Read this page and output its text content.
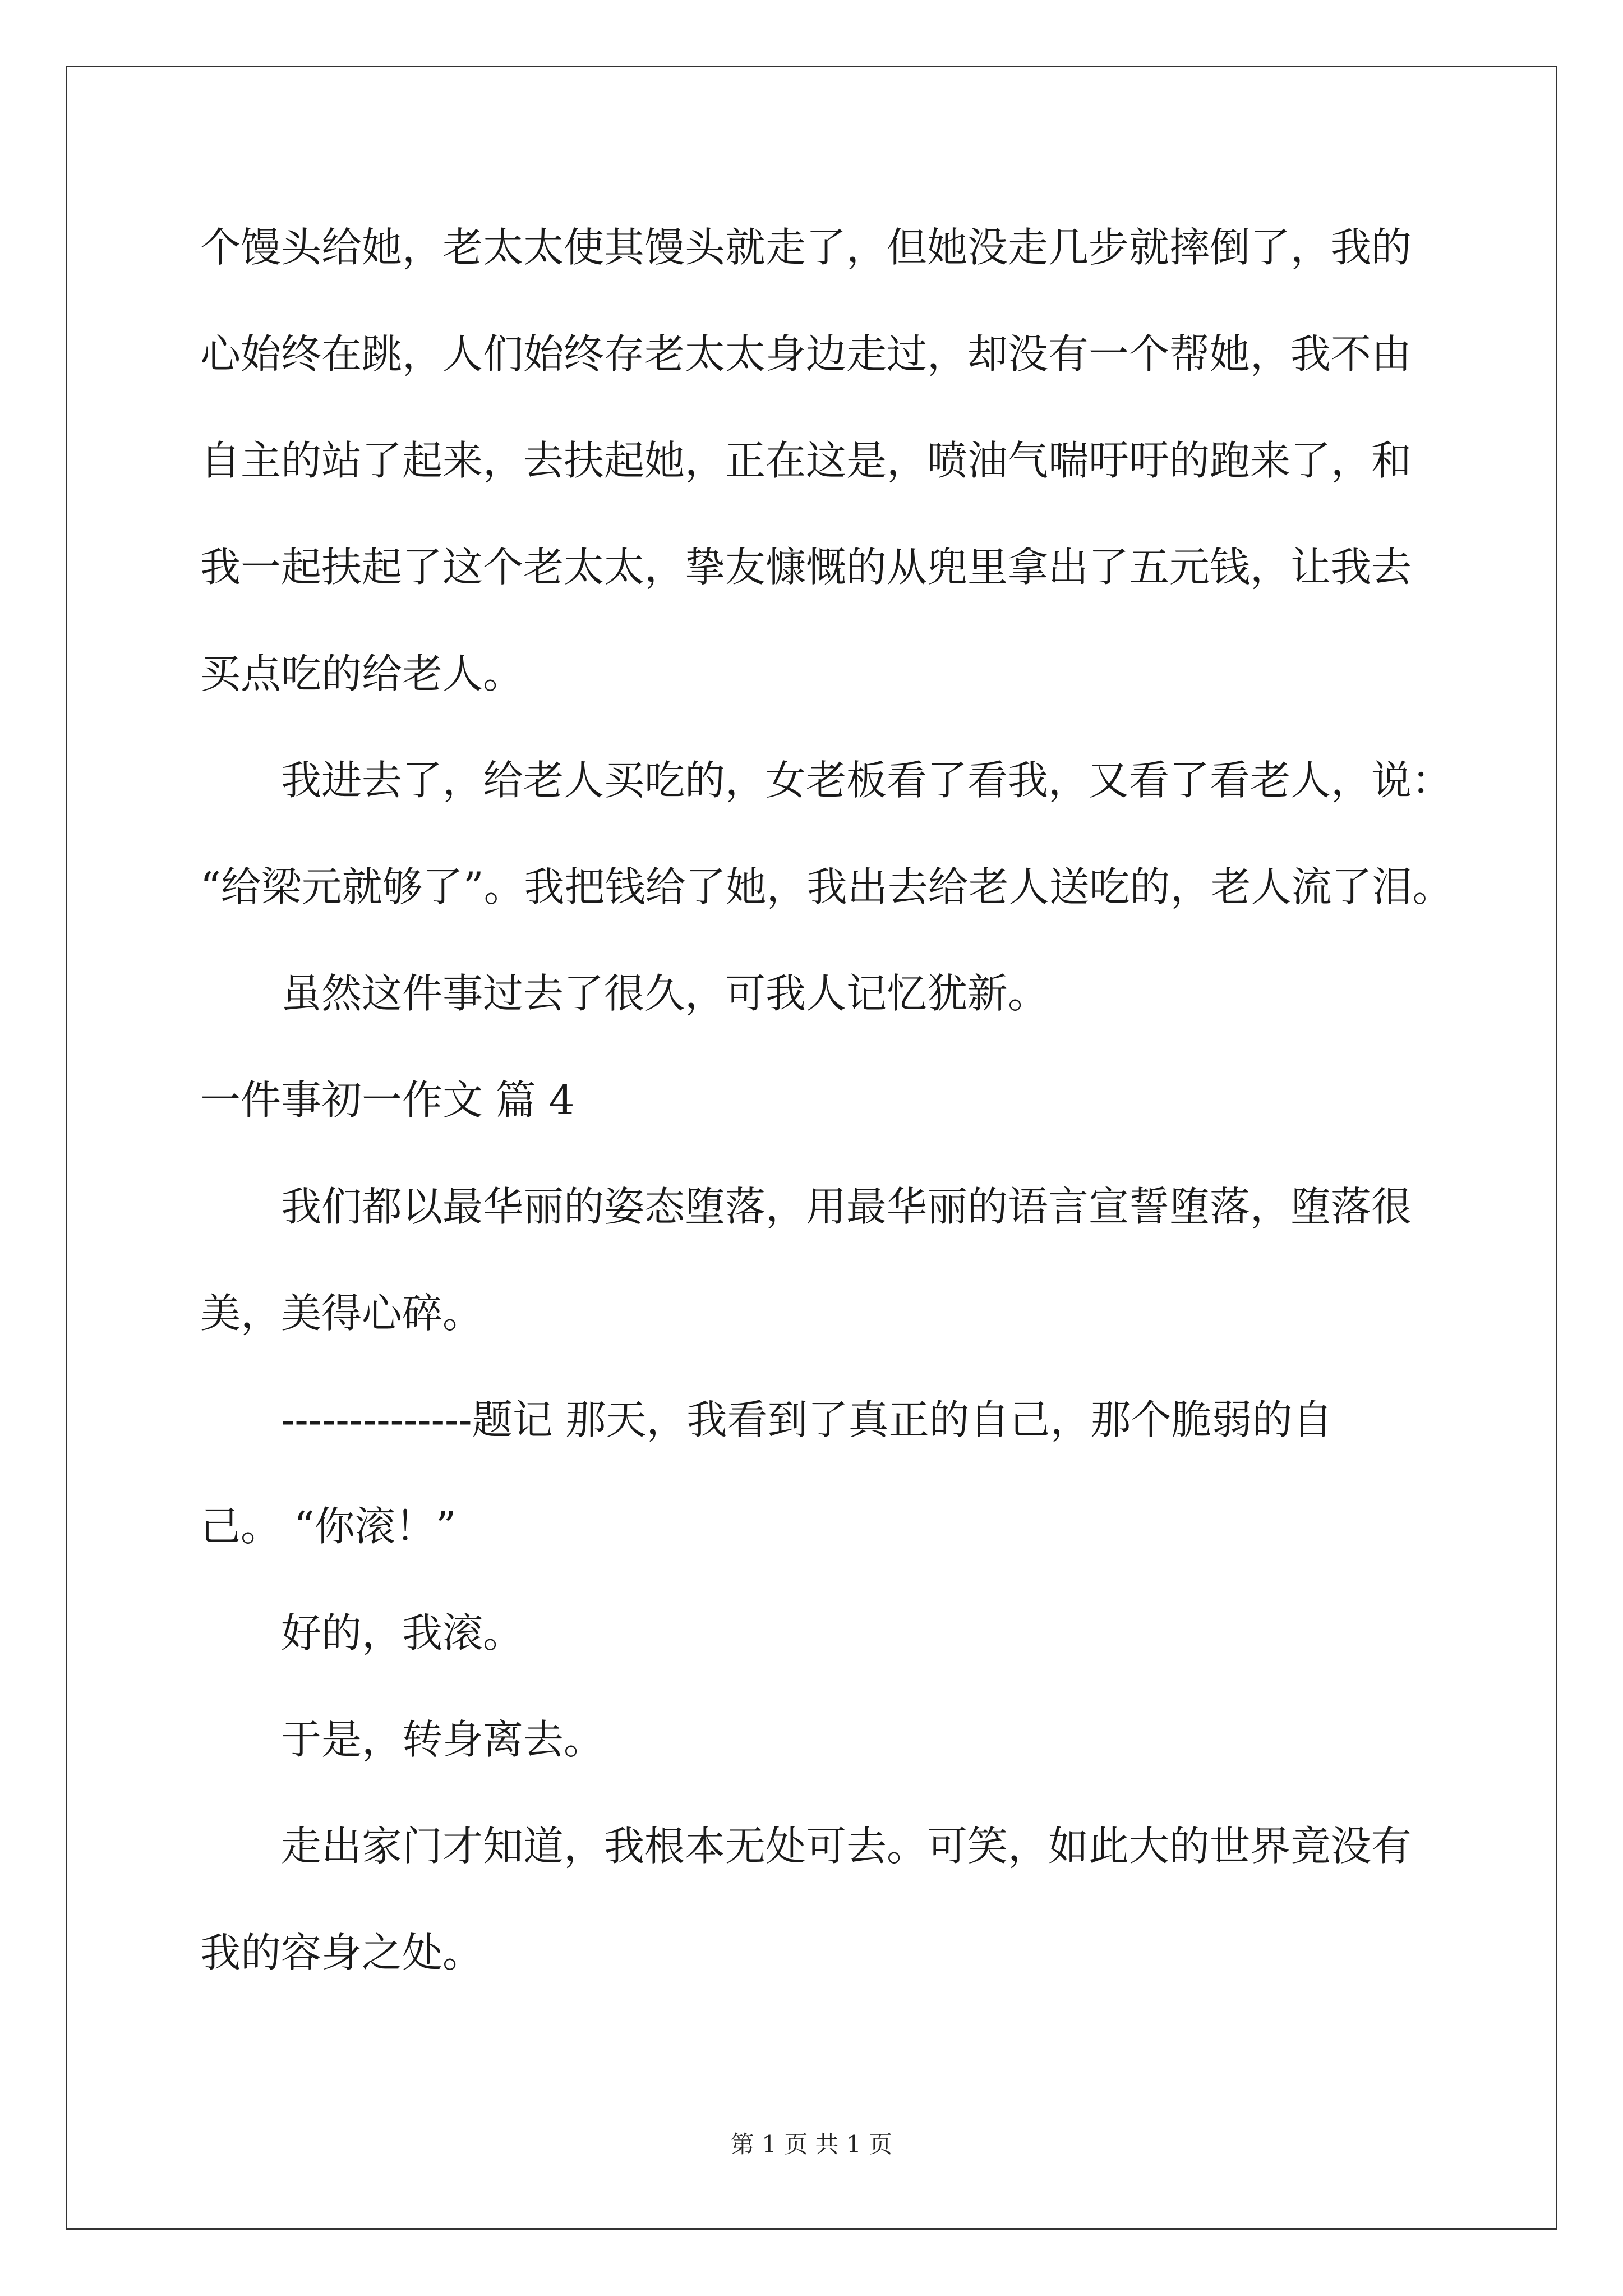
个馒头给她，老太太使其馒头就走了，但她没走几步就摔倒了，我的
心始终在跳，人们始终存老太太身边走过，却没有一个帮她，我不由
自主的站了起来，去扶起她，正在这是，喷油气喘吁吁的跑来了，和
我一起扶起了这个老太太，挚友慷慨的从兜里拿出了五元钱，让我去
买点吃的给老人。
我进去了，给老人买吃的，女老板看了看我，又看了看老人，说：
“给梁元就够了”。我把钱给了她，我出去给老人送吃的，老人流了泪。
虽然这件事过去了很久，可我人记忆犹新。
一件事初一作文 篇 4
我们都以最华丽的姿态堕落，用最华丽的语言宣誓堕落，堕落很
美，美得心碎。
--------------题记 那天，我看到了真正的自己，那个脆弱的自
己。 “你滚！”
好的，我滚。
于是，转身离去。
走出家门才知道，我根本无处可去。可笑，如此大的世界竟没有
我的容身之处。
第 1 页 共 1 页
